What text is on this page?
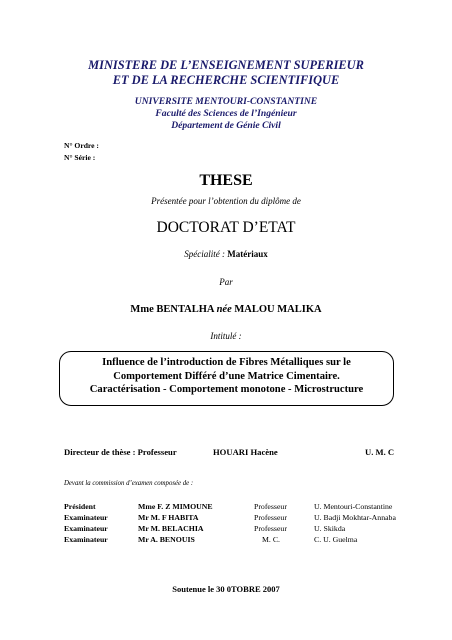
MINISTERE DE L’ENSEIGNEMENT SUPERIEUR
ET DE LA RECHERCHE SCIENTIFIQUE
UNIVERSITE MENTOURI-CONSTANTINE
Faculté des Sciences de l’Ingénieur
Département de Génie Civil
N° Ordre :
N° Série :
THESE
Présentée pour l’obtention du diplôme de
DOCTORAT D’ETAT
Spécialité : Matériaux
Par
Mme BENTALHA née MALOU MALIKA
Intitulé :
Influence de l’introduction de Fibres Métalliques sur le
Comportement Différé d’une Matrice Cimentaire.
Caractérisation - Comportement monotone - Microstructure
Directeur de thèse : Professeur	HOUARI Hacène	U. M. C
Devant la commission d’examen composée de :
Président	Mme F. Z MIMOUNE	Professeur	U. Mentouri-Constantine
Examinateur	Mr M. F HABITA	Professeur	U. Badji Mokhtar-Annaba
Examinateur	Mr M. BELACHIA	Professeur	U. Skikda
Examinateur	Mr A. BENOUIS	M. C.	C. U. Guelma
Soutenue le 30 0TOBRE 2007
